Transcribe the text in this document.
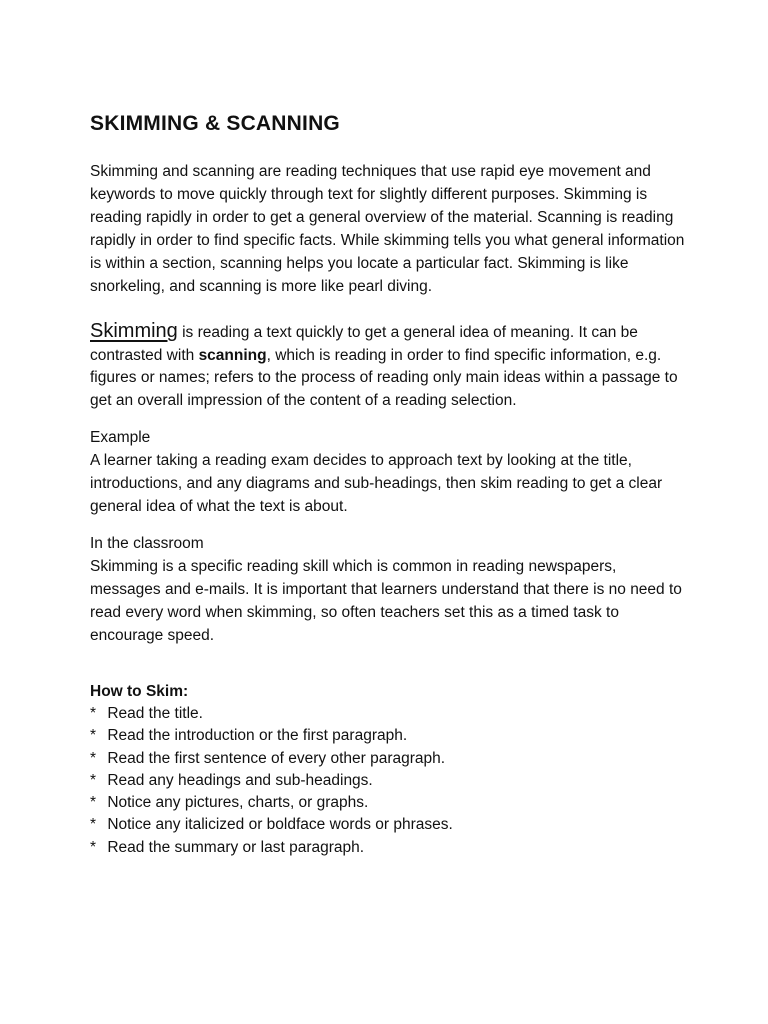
SKIMMING & SCANNING

Skimming and scanning are reading techniques that use rapid eye movement and keywords to move quickly through text for slightly different purposes. Skimming is reading rapidly in order to get a general overview of the material. Scanning is reading rapidly in order to find specific facts. While skimming tells you what general information is within a section, scanning helps you locate a particular fact. Skimming is like snorkeling, and scanning is more like pearl diving.

Skimming is reading a text quickly to get a general idea of meaning. It can be contrasted with scanning, which is reading in order to find specific information, e.g. figures or names; refers to the process of reading only main ideas within a passage to get an overall impression of the content of a reading selection.

Example

A learner taking a reading exam decides to approach text by looking at the title, introductions, and any diagrams and sub-headings, then skim reading to get a clear general idea of what the text is about.

In the classroom

Skimming is a specific reading skill which is common in reading newspapers, messages and e-mails. It is important that learners understand that there is no need to read every word when skimming, so often teachers set this as a timed task to encourage speed.

How to Skim:

* Read the title.
* Read the introduction or the first paragraph.
* Read the first sentence of every other paragraph.
* Read any headings and sub-headings.
* Notice any pictures, charts, or graphs.
* Notice any italicized or boldface words or phrases.
* Read the summary or last paragraph.
